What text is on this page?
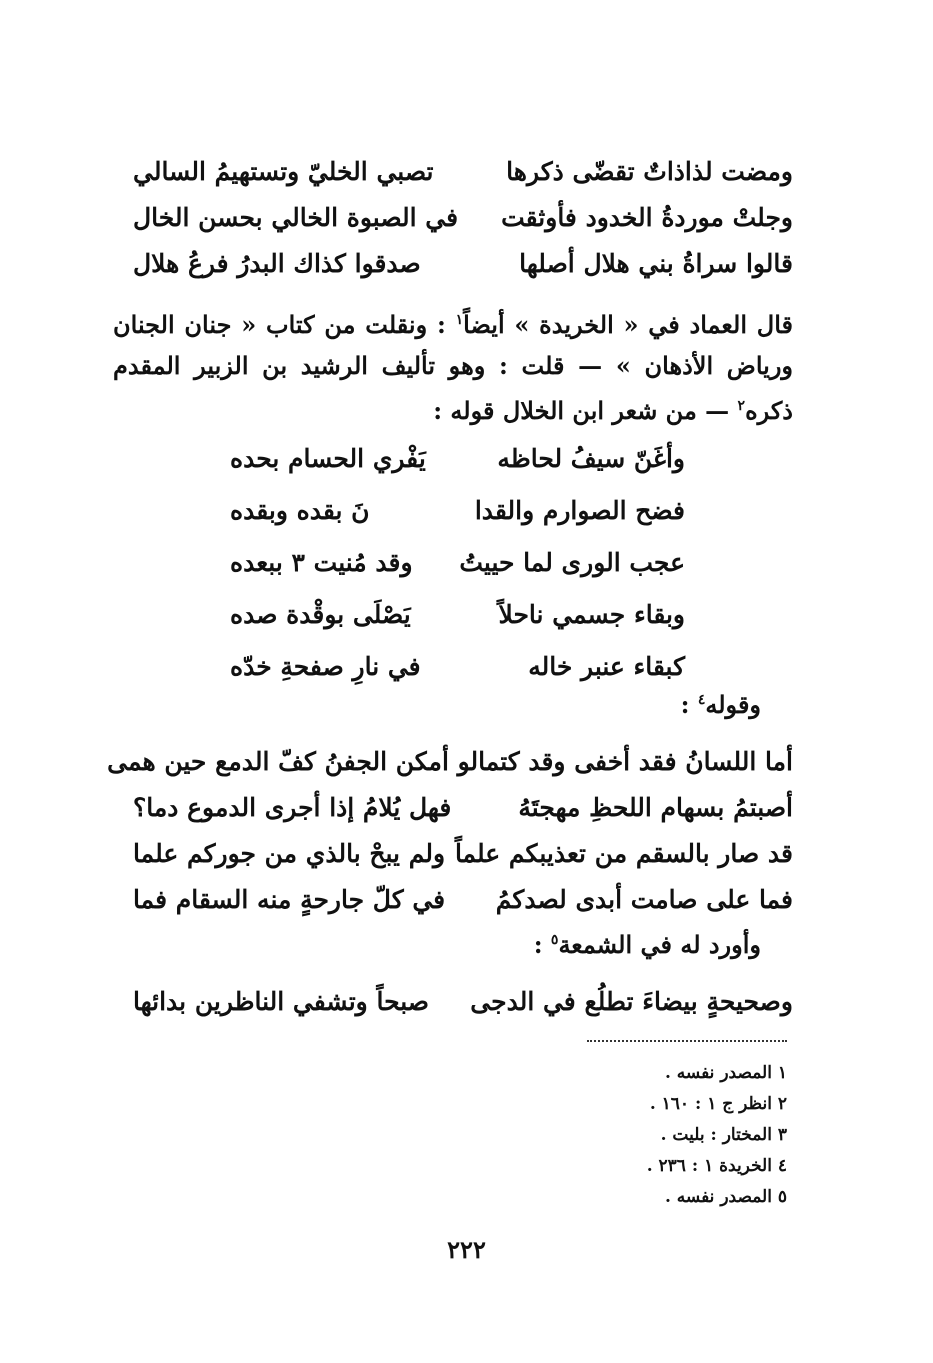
ومضت لذاذاتٌ تقضّى ذكرها
تصبي الخليّ وتستهيمُ السالي
وجلتْ موردةُ الخدود فأوثقت
في الصبوة الخالي بحسن الخال
قالوا سراةُ بني هلال أصلها
صدقوا كذاك البدرُ فرعُ هلال

قال العماد في « الخريدة » أيضاً$^١$ : ونقلت من كتاب « جنان الجنان ورياض الأذهان » — قلت : وهو تأليف الرشيد بن الزبير المقدم ذكره$^٢$ — من شعر ابن الخلال قوله :

وأغَنّ سيفُ لحاظه
يَفْري الحسام بحده
فضح الصوارم والقدا
نَ بقده وبقده
عجب الورى لما حييتُ
وقد مُنيت ٣ ببعده
وبقاء جسمي ناحلاً
يَصْلَى بوقْدة صده
كبقاء عنبر خاله
في نارِ صفحةِ خدّه
وقوله$^٤$ :
أما اللسانُ فقد أخفى وقد كتما
لو أمكن الجفنُ كفّ الدمع حين همى
أصبتمُ بسهام اللحظِ مهجتَهُ
فهل يُلامُ إذا أجرى الدموع دما؟
قد صار بالسقم من تعذيبكم علماً
ولم يبحْ بالذي من جوركم علما
فما على صامت أبدى لصدكمُ
في كلّ جارحةٍ منه السقام فما
وأورد له في الشمعة$^٥$ :
وصحيحةٍ بيضاءَ تطلُع في الدجى
صبحاً وتشفي الناظرين بدائها
١ المصدر نفسه .
٢ انظر ج ١ : ١٦٠ .
٣ المختار : بليت .
٤ الخريدة ١ : ٢٣٦ .
٥ المصدر نفسه .
٢٢٢
